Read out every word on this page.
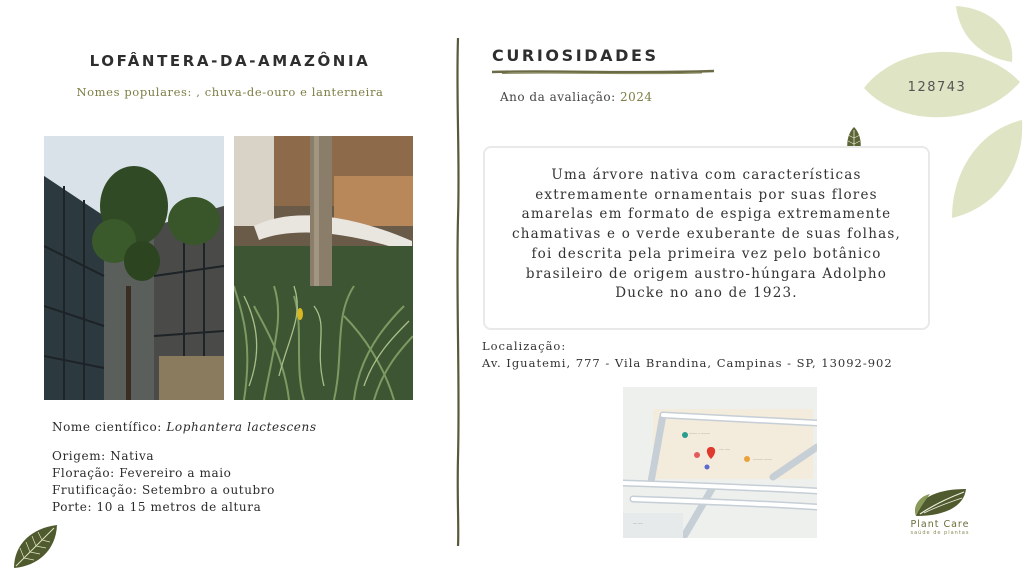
128743
LOFÂNTERA-DA-AMAZÔNIA
Nomes populares: , chuva-de-ouro e lanterneira
Nome científico: Lophantera lactescens
Origem: Nativa
Floração: Fevereiro a maio
Frutificação: Setembro a outubro
Porte: 10 a 15 metros de altura
CURIOSIDADES
Ano da avaliação: 2024

Uma árvore nativa com características extremamente ornamentais por suas flores amarelas em formato de espiga extremamente chamativas e o verde exuberante de suas folhas, foi descrita pela primeira vez pelo botânico brasileiro de origem austro-húngara Adolpho Ducke no ano de 1923.

Localização:
Av. Iguatemi, 777 - Vila Brandina, Campinas - SP, 13092-902
········ ·· ·········
····· ·····
·········· ········
···· ·····	Plant Care
saúde de plantas
